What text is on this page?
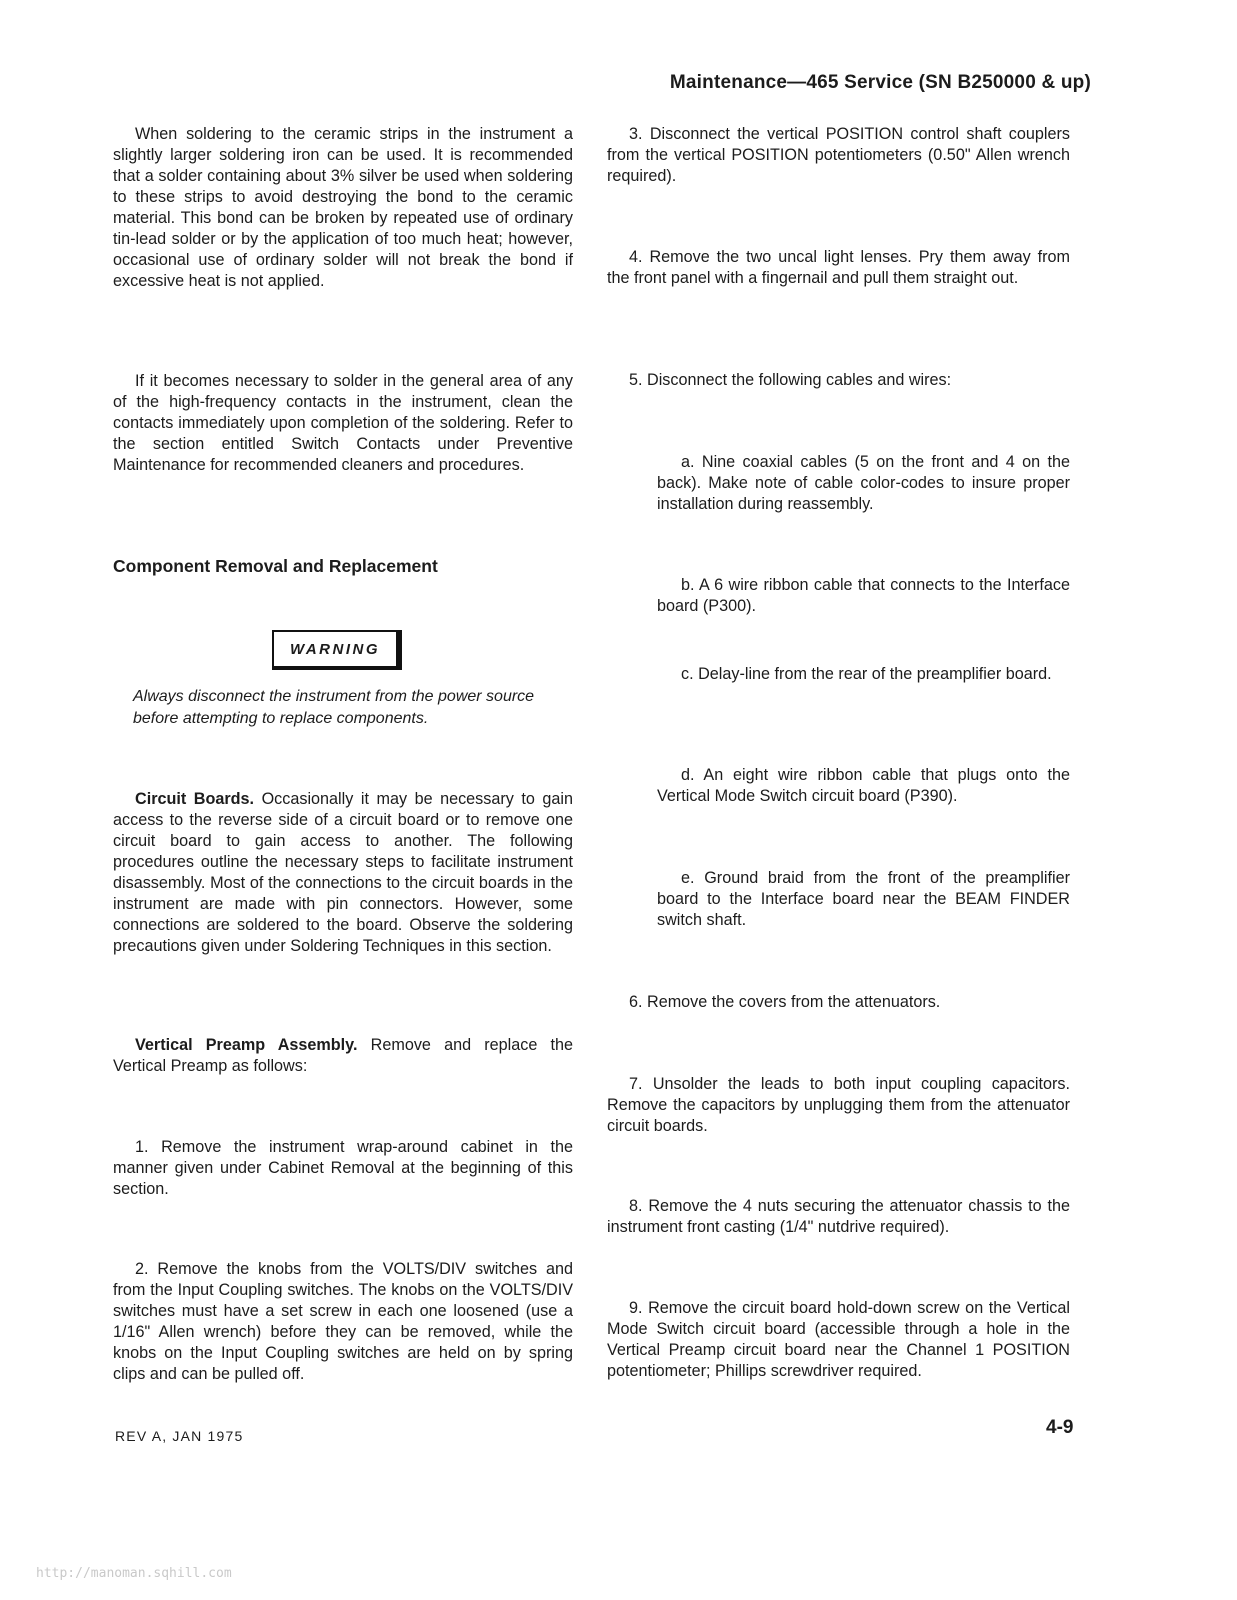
Maintenance—465 Service (SN B250000 & up)

When soldering to the ceramic strips in the instrument a slightly larger soldering iron can be used. It is recommended that a solder containing about 3% silver be used when soldering to these strips to avoid destroying the bond to the ceramic material. This bond can be broken by repeated use of ordinary tin-lead solder or by the application of too much heat; however, occasional use of ordinary solder will not break the bond if excessive heat is not applied.

If it becomes necessary to solder in the general area of any of the high-frequency contacts in the instrument, clean the contacts immediately upon completion of the soldering. Refer to the section entitled Switch Contacts under Preventive Maintenance for recommended cleaners and procedures.

Component Removal and Replacement
WARNING

Always disconnect the instrument from the power source before attempting to replace components.

Circuit Boards. Occasionally it may be necessary to gain access to the reverse side of a circuit board or to remove one circuit board to gain access to another. The following procedures outline the necessary steps to facilitate instrument disassembly. Most of the connections to the circuit boards in the instrument are made with pin connectors. However, some connections are soldered to the board. Observe the soldering precautions given under Soldering Techniques in this section.

Vertical Preamp Assembly. Remove and replace the Vertical Preamp as follows:

1. Remove the instrument wrap-around cabinet in the manner given under Cabinet Removal at the beginning of this section.

2. Remove the knobs from the VOLTS/DIV switches and from the Input Coupling switches. The knobs on the VOLTS/DIV switches must have a set screw in each one loosened (use a 1/16" Allen wrench) before they can be removed, while the knobs on the Input Coupling switches are held on by spring clips and can be pulled off.

3. Disconnect the vertical POSITION control shaft couplers from the vertical POSITION potentiometers (0.50" Allen wrench required).

4. Remove the two uncal light lenses. Pry them away from the front panel with a fingernail and pull them straight out.

5. Disconnect the following cables and wires:

a. Nine coaxial cables (5 on the front and 4 on the back). Make note of cable color-codes to insure proper installation during reassembly.

b. A 6 wire ribbon cable that connects to the Interface board (P300).

c. Delay-line from the rear of the preamplifier board.

d. An eight wire ribbon cable that plugs onto the Vertical Mode Switch circuit board (P390).

e. Ground braid from the front of the preamplifier board to the Interface board near the BEAM FINDER switch shaft.

6. Remove the covers from the attenuators.

7. Unsolder the leads to both input coupling capacitors. Remove the capacitors by unplugging them from the attenuator circuit boards.

8. Remove the 4 nuts securing the attenuator chassis to the instrument front casting (1/4" nutdrive required).

9. Remove the circuit board hold-down screw on the Vertical Mode Switch circuit board (accessible through a hole in the Vertical Preamp circuit board near the Channel 1 POSITION potentiometer; Phillips screwdriver required.

REV A, JAN 1975	4-9
http://manoman.sqhill.com
